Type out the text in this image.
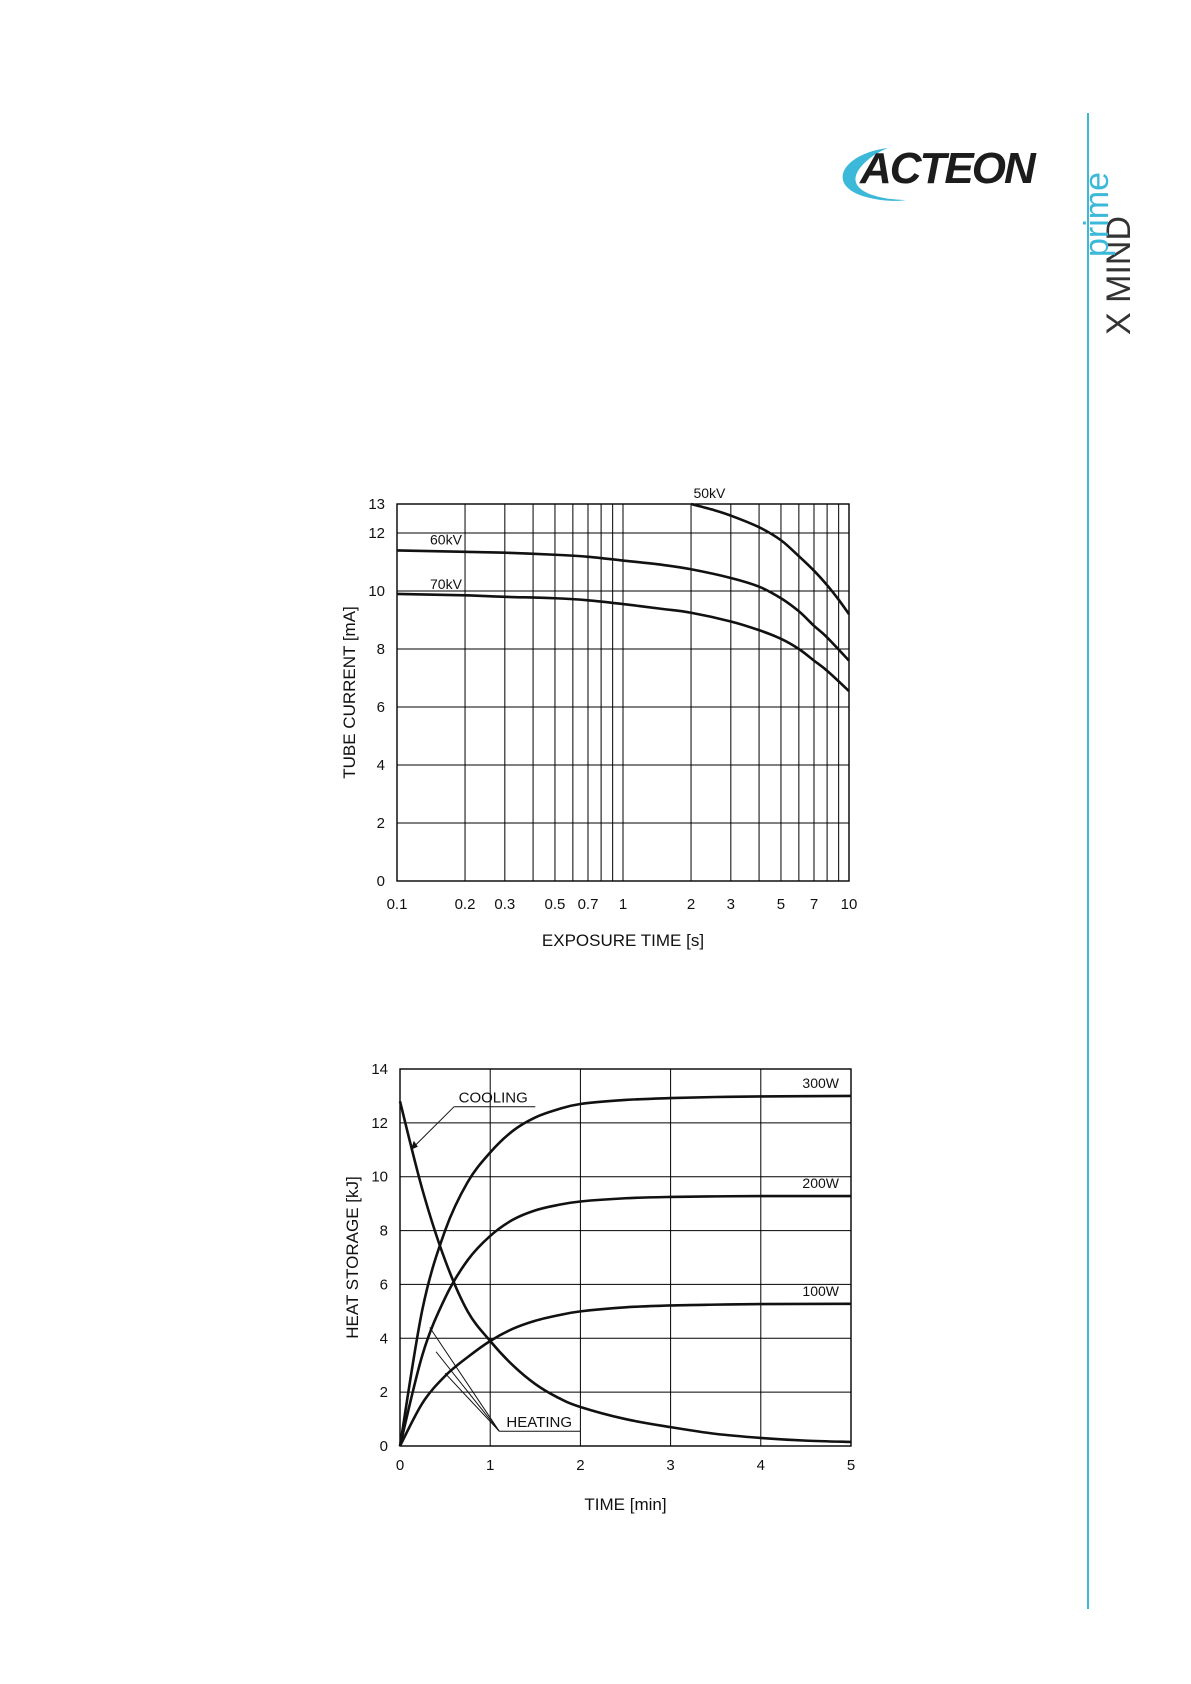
ACTEON
X MIND
prime
0.1	0.2 0.3 0.5 0.7 1	2 3	5 7 10
0
2
4
6
8
10
12
13
EXPOSURE TIME [s]
TUBE CURRENT [mA]
50kV
60kV
70kV
0	1	2	3	4	5
0
2
4
6
8
10
12
14
TIME [min]
HEAT STORAGE [kJ]
300W
200W
100W
COOLING
HEATING
